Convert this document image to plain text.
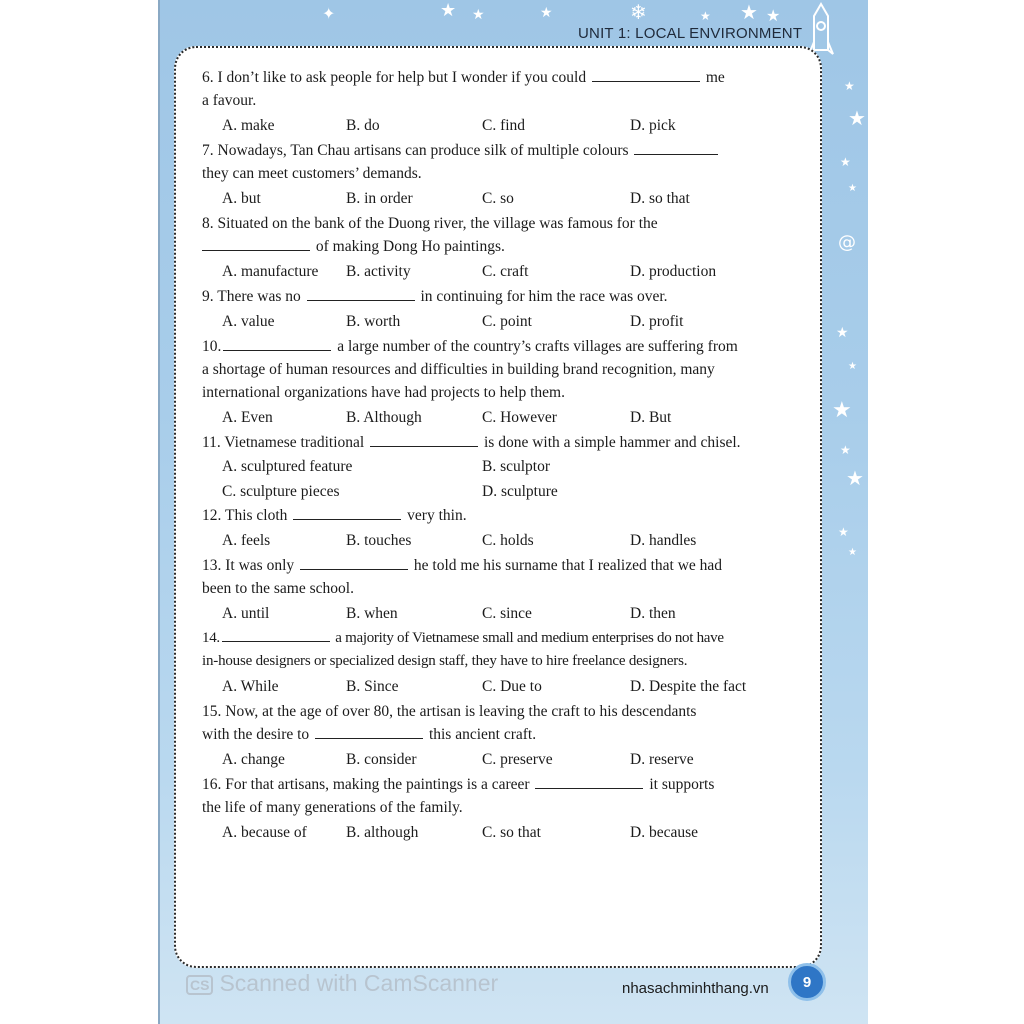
✦	★ ★	★	❄	★ ★ ★
★
★
★
★
★
★
★
★
★
★
★
@
UNIT 1: LOCAL ENVIRONMENT

6. I don’t like to ask people for help but I wonder if you could	me

a favour.

A. make	B. do	C. find	D. pick

7. Nowadays, Tan Chau artisans can produce silk of multiple colours

they can meet customers’ demands.

A. but	B. in order	C. so	D. so that

8. Situated on the bank of the Duong river, the village was famous for the

of making Dong Ho paintings.

A. manufacture	B. activity	C. craft	D. production

9. There was no	in continuing for him the race was over.

A. value	B. worth	C. point	D. profit

10.	a large number of the country’s crafts villages are suffering from

a shortage of human resources and difficulties in building brand recognition, many

international organizations have had projects to help them.

A. Even	B. Although	C. However	D. But

11. Vietnamese traditional	is done with a simple hammer and chisel.

A. sculptured feature	B. sculptor
C. sculpture pieces	D. sculpture

12. This cloth	very thin.

A. feels	B. touches	C. holds	D. handles

13. It was only	he told me his surname that I realized that we had

been to the same school.

A. until	B. when	C. since	D. then

14.	a majority of Vietnamese small and medium enterprises do not have

in-house designers or specialized design staff, they have to hire freelance designers.

A. While	B. Since	C. Due to	D. Despite the fact

15. Now, at the age of over 80, the artisan is leaving the craft to his descendants

with the desire to	this ancient craft.

A. change	B. consider	C. preserve	D. reserve

16. For that artisans, making the paintings is a career	it supports

the life of many generations of the family.

A. because of	B. although	C. so that	D. because
CS Scanned with CamScanner	nhasachminhthang.vn	9
